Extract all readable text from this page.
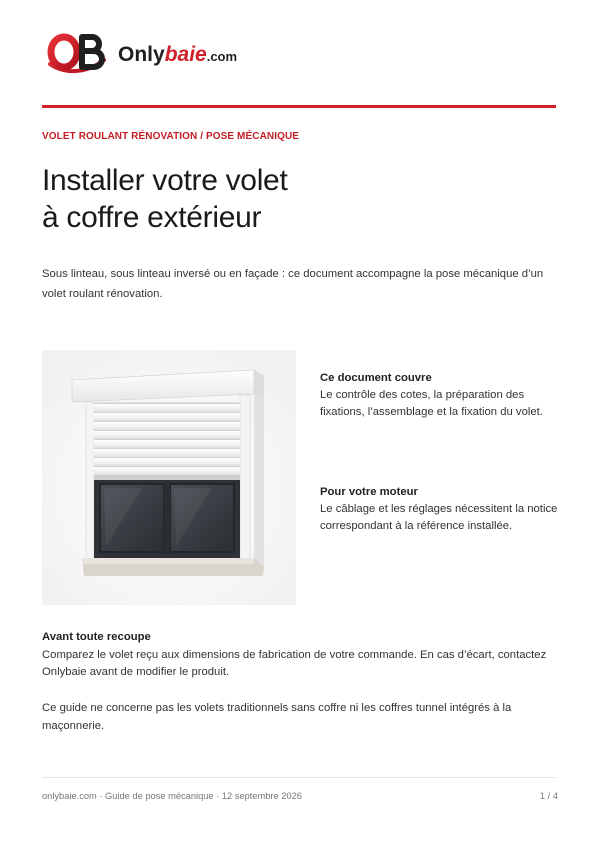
Onlybaie.com
VOLET ROULANT RÉNOVATION / POSE MÉCANIQUE
Installer votre volet
à coffre extérieur

Sous linteau, sous linteau inversé ou en façade : ce document accompagne la pose mécanique d’un volet roulant rénovation.

Ce document couvre
Le contrôle des cotes, la préparation des fixations, l’assemblage et la fixation du volet.
Pour votre moteur
Le câblage et les réglages nécessitent la notice correspondant à la référence installée.
Avant toute recoupe
Comparez le volet reçu aux dimensions de fabrication de votre commande. En cas d’écart, contactez Onlybaie avant de modifier le produit.
Ce guide ne concerne pas les volets traditionnels sans coffre ni les coffres tunnel intégrés à la maçonnerie.
onlybaie.com · Guide de pose mécanique · 12 septembre 2026	1 / 4
